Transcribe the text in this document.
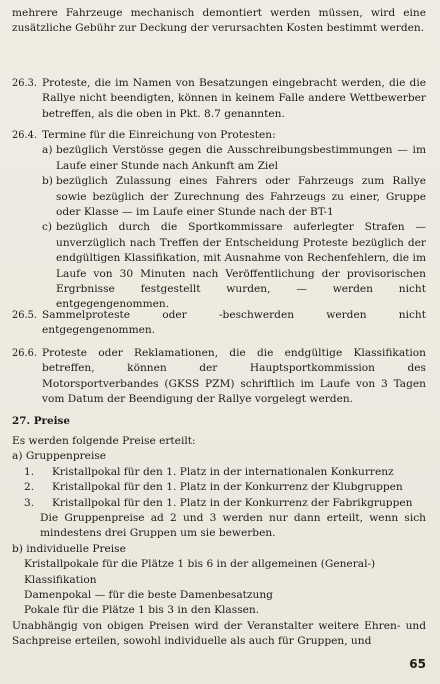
mehrere Fahrzeuge mechanisch demontiert werden müssen, wird eine zusätzliche Gebühr zur Deckung der verursachten Kosten bestimmt werden.

26.3. Proteste, die im Namen von Besatzungen eingebracht werden, die die Rallye nicht beendigten, können in keinem Falle andere Wettbewerber betreffen, als die oben in Pkt. 8.7 genannten.
26.4. Termine für die Einreichung von Protesten:
a) bezüglich Verstösse gegen die Ausschreibungsbestimmungen — im Laufe einer Stunde nach Ankunft am Ziel
b) bezüglich Zulassung eines Fahrers oder Fahrzeugs zum Rallye sowie bezüglich der Zurechnung des Fahrzeugs zu einer, Gruppe oder Klasse — im Laufe einer Stunde nach der BT-1
c) bezüglich durch die Sportkommissare auferlegter Strafen — unverzüglich nach Treffen der Entscheidung Proteste bezüglich der endgültigen Klassifikation, mit Ausnahme von Rechenfehlern, die im Laufe von 30 Minuten nach Veröffentlichung der provisorischen Ergrbnisse festgestellt wurden, — werden nicht entgegengenommen.
26.5. Sammelproteste oder -beschwerden werden nicht entgegengenommen.
26.6. Proteste oder Reklamationen, die die endgültige Klassifikation betreffen, können der Hauptsportkommission des Motorsportverbandes (GKSS PZM) schriftlich im Laufe von 3 Tagen vom Datum der Beendigung der Rallye vorgelegt werden.
27. Preise
Es werden folgende Preise erteilt:
a) Gruppenpreise
1.	Kristallpokal für den 1. Platz in der internationalen Konkurrenz
2.	Kristallpokal für den 1. Platz in der Konkurrenz der Klubgruppen
3.	Kristallpokal für den 1. Platz in der Konkurrenz der Fabrikgruppen
Die Gruppenpreise ad 2 und 3 werden nur dann erteilt, wenn sich mindestens drei Gruppen um sie bewerben.
b) individuelle Preise
Kristallpokale für die Plätze 1 bis 6 in der allgemeinen (General-) Klassifikation
Damenpokal — für die beste Damenbesatzung
Pokale für die Plätze 1 bis 3 in den Klassen.
Unabhängig von obigen Preisen wird der Veranstalter weitere Ehren- und Sachpreise erteilen, sowohl individuelle als auch für Gruppen, und
65
